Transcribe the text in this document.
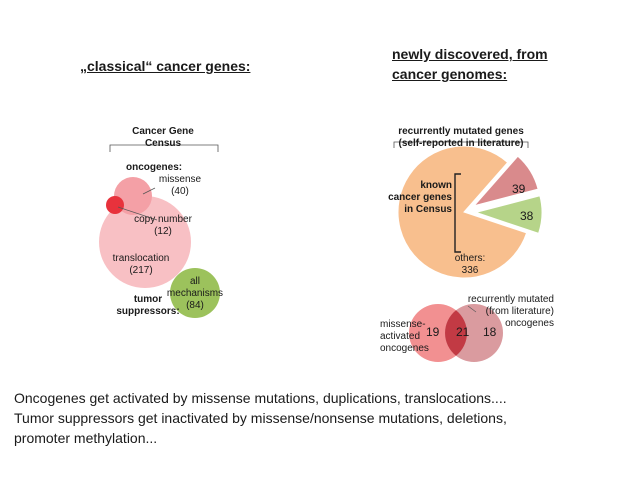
„classical“ cancer genes:
newly discovered, from
cancer genomes:
Cancer Gene
Census
oncogenes:
missense
(40)
copy number
(12)
translocation
(217)
tumor
suppressors:
all
mechanisms
(84)
recurrently mutated genes
(self-reported in literature)
known
cancer genes
in Census
others:
336
39
38
missense-
activated
oncogenes
recurrently mutated
(from literature)
oncogenes
19 21 18
Oncogenes get activated by missense mutations, duplications, translocations....
Tumor suppressors get inactivated by missense/nonsense mutations, deletions,
promoter methylation...
